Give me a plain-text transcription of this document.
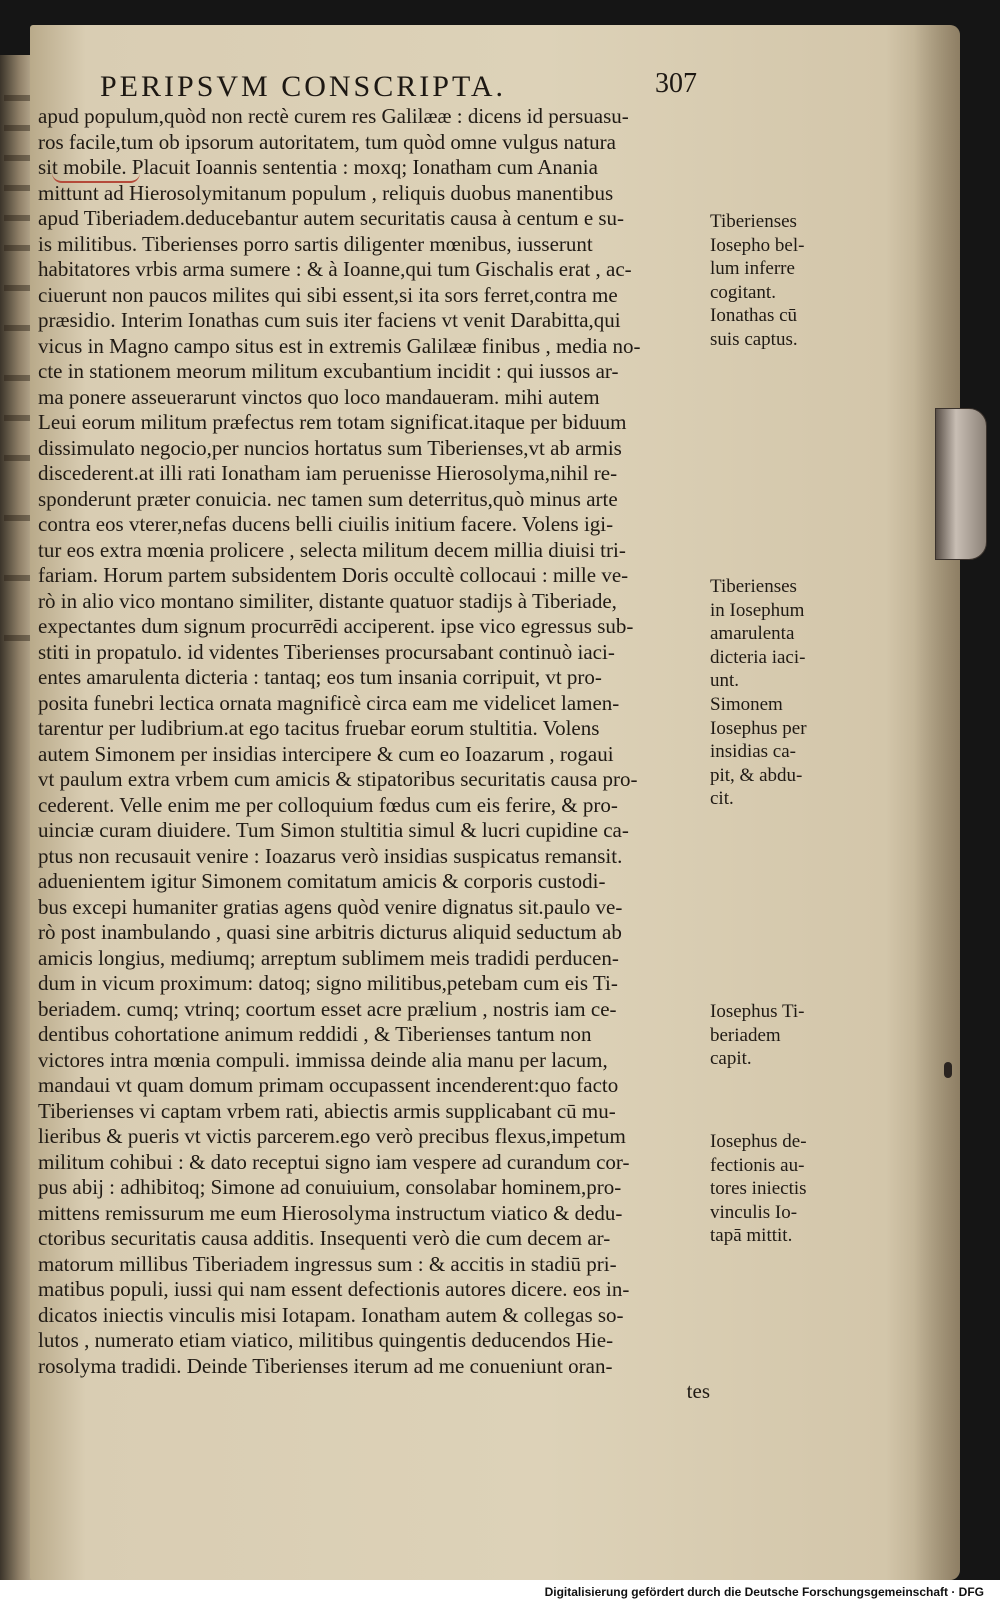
PERIPSVM CONSCRIPTA.	307
apud populum,quòd non rectè curem res Galilææ : dicens id persuasu-
ros facile,tum ob ipsorum autoritatem, tum quòd omne vulgus natura
sit mobile. Placuit Ioannis sententia : moxq; Ionatham cum Anania
mittunt ad Hierosolymitanum populum , reliquis duobus manentibus
apud Tiberiadem.deducebantur autem securitatis causa à centum e su-
is militibus. Tiberienses porro sartis diligenter mœnibus, iusserunt
habitatores vrbis arma sumere : & à Ioanne,qui tum Gischalis erat , ac-
ciuerunt non paucos milites qui sibi essent,si ita sors ferret,contra me
præsidio. Interim Ionathas cum suis iter faciens vt venit Darabitta,qui
vicus in Magno campo situs est in extremis Galilææ finibus , media no-
cte in stationem meorum militum excubantium incidit : qui iussos ar-
ma ponere asseuerarunt vinctos quo loco mandaueram. mihi autem
Leui eorum militum præfectus rem totam significat.itaque per biduum
dissimulato negocio,per nuncios hortatus sum Tiberienses,vt ab armis
discederent.at illi rati Ionatham iam peruenisse Hierosolyma,nihil re-
sponderunt præter conuicia. nec tamen sum deterritus,quò minus arte
contra eos vterer,nefas ducens belli ciuilis initium facere. Volens igi-
tur eos extra mœnia prolicere , selecta militum decem millia diuisi tri-
fariam. Horum partem subsidentem Doris occultè collocaui : mille ve-
rò in alio vico montano similiter, distante quatuor stadijs à Tiberiade,
expectantes dum signum procurrēdi acciperent. ipse vico egressus sub-
stiti in propatulo. id videntes Tiberienses procursabant continuò iaci-
entes amarulenta dicteria : tantaq; eos tum insania corripuit, vt pro-
posita funebri lectica ornata magnificè circa eam me videlicet lamen-
tarentur per ludibrium.at ego tacitus fruebar eorum stultitia. Volens
autem Simonem per insidias intercipere & cum eo Ioazarum , rogaui
vt paulum extra vrbem cum amicis & stipatoribus securitatis causa pro-
cederent. Velle enim me per colloquium fœdus cum eis ferire, & pro-
uinciæ curam diuidere. Tum Simon stultitia simul & lucri cupidine ca-
ptus non recusauit venire : Ioazarus verò insidias suspicatus remansit.
aduenientem igitur Simonem comitatum amicis & corporis custodi-
bus excepi humaniter gratias agens quòd venire dignatus sit.paulo ve-
rò post inambulando , quasi sine arbitris dicturus aliquid seductum ab
amicis longius, mediumq; arreptum sublimem meis tradidi perducen-
dum in vicum proximum: datoq; signo militibus,petebam cum eis Ti-
beriadem. cumq; vtrinq; coortum esset acre prælium , nostris iam ce-
dentibus cohortatione animum reddidi , & Tiberienses tantum non
victores intra mœnia compuli. immissa deinde alia manu per lacum,
mandaui vt quam domum primam occupassent incenderent:quo facto
Tiberienses vi captam vrbem rati, abiectis armis supplicabant cū mu-
lieribus & pueris vt victis parcerem.ego verò precibus flexus,impetum
militum cohibui : & dato receptui signo iam vespere ad curandum cor-
pus abij : adhibitoq; Simone ad conuiuium, consolabar hominem,pro-
mittens remissurum me eum Hierosolyma instructum viatico & dedu-
ctoribus securitatis causa additis. Insequenti verò die cum decem ar-
matorum millibus Tiberiadem ingressus sum : & accitis in stadiū pri-
matibus populi, iussi qui nam essent defectionis autores dicere. eos in-
dicatos iniectis vinculis misi Iotapam. Ionatham autem & collegas so-
lutos , numerato etiam viatico, militibus quingentis deducendos Hie-
rosolyma tradidi. Deinde Tiberienses iterum ad me conueniunt oran-
tes
Tiberienses
Iosepho bel-
lum inferre
cogitant.
Ionathas cū
suis captus.
Tiberienses
in Iosephum
amarulenta
dicteria iaci-
unt.
Simonem
Iosephus per
insidias ca-
pit, & abdu-
cit.
Iosephus Ti-
beriadem
capit.
Iosephus de-
fectionis au-
tores iniectis
vinculis Io-
tapā mittit.
Digitalisierung gefördert durch die Deutsche Forschungsgemeinschaft · DFG
